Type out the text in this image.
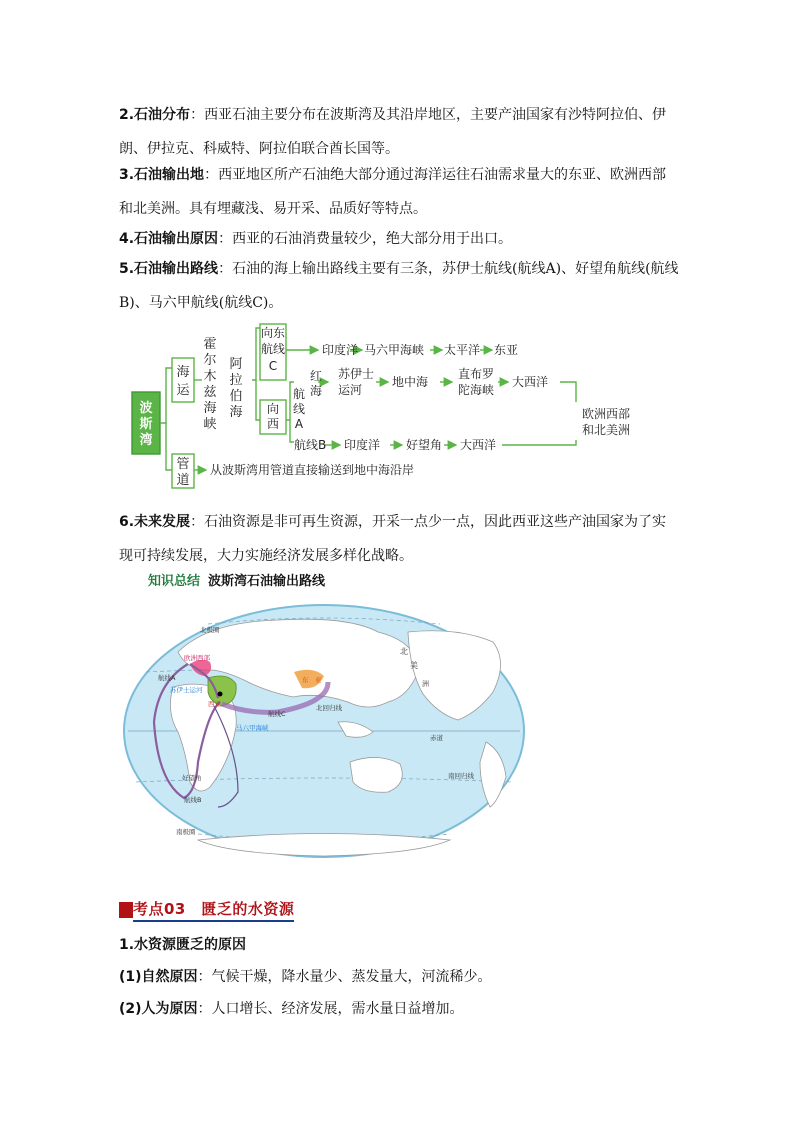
2.石油分布：西亚石油主要分布在波斯湾及其沿岸地区，主要产油国家有沙特阿拉伯、伊朗、伊拉克、科威特、阿拉伯联合酋长国等。

3.石油输出地：西亚地区所产石油绝大部分通过海洋运往石油需求量大的东亚、欧洲西部和北美洲。具有埋藏浅、易开采、品质好等特点。

4.石油输出原因：西亚的石油消费量较少，绝大部分用于出口。

5.石油输出路线：石油的海上输出路线主要有三条，苏伊士航线(航线A)、好望角航线(航线B)、马六甲航线(航线C)。

波
斯
湾
海
运
管
道
从波斯湾用管道直接输送到地中海沿岸
霍
尔
木
兹
海
峡
阿
拉
伯
海
向东
航线
C
向
西
航
线
A
红
海
印度洋 马六甲海峡 太平洋 东亚
苏伊士
运河
地中海
直布罗
陀海峡
大西洋
欧洲西部
和北美洲
航线B 印度洋 好望角 大西洋

6.未来发展：石油资源是非可再生资源，开采一点少一点，因此西亚这些产油国家为了实现可持续发展，大力实施经济发展多样化战略。

知识总结 波斯湾石油输出路线
北极圈
欧洲西部
北
美
洲
航线A
苏伊士运河
东　亚
西亚
航线C
马六甲海峡
北回归线
赤道
南回归线
好望角
航线B
南极圈
考点03　匮乏的水资源

1.水资源匮乏的原因

(1)自然原因：气候干燥，降水量少、蒸发量大，河流稀少。

(2)人为原因：人口增长、经济发展，需水量日益增加。
